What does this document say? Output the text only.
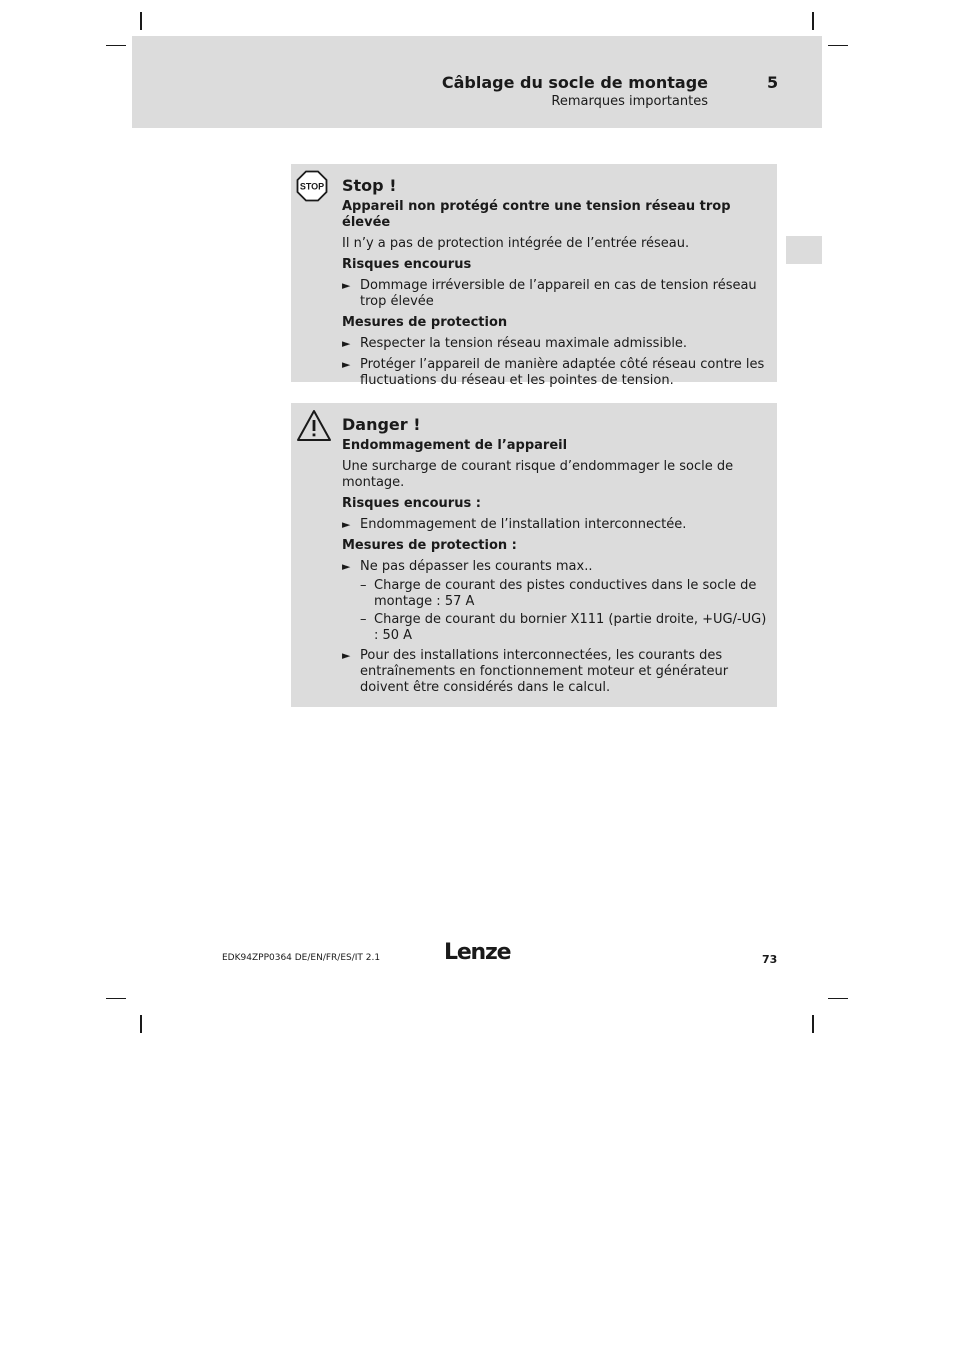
Câblage du socle de montage	5
Remarques importantes
STOP Stop !
Appareil non protégé contre une tension réseau trop élevée
Il n’y a pas de protection intégrée de l’entrée réseau.
Risques encourus
► Dommage irréversible de l’appareil en cas de tension réseau trop élevée
Mesures de protection
► Respecter la tension réseau maximale admissible.
► Protéger l’appareil de manière adaptée côté réseau contre les fluctuations du réseau et les pointes de tension.
Danger !
Endommagement de l’appareil
Une surcharge de courant risque d’endommager le socle de montage.
Risques encourus :
► Endommagement de l’installation interconnectée.
Mesures de protection :
► Ne pas dépasser les courants max..
– Charge de courant des pistes conductives dans le socle de montage : 57 A
– Charge de courant du bornier X111 (partie droite, +UG/-UG) : 50 A
► Pour des installations interconnectées, les courants des entraînements en fonctionnement moteur et générateur doivent être considérés dans le calcul.
EDK94ZPP0364 DE/EN/FR/ES/IT 2.1	Lenze	73
